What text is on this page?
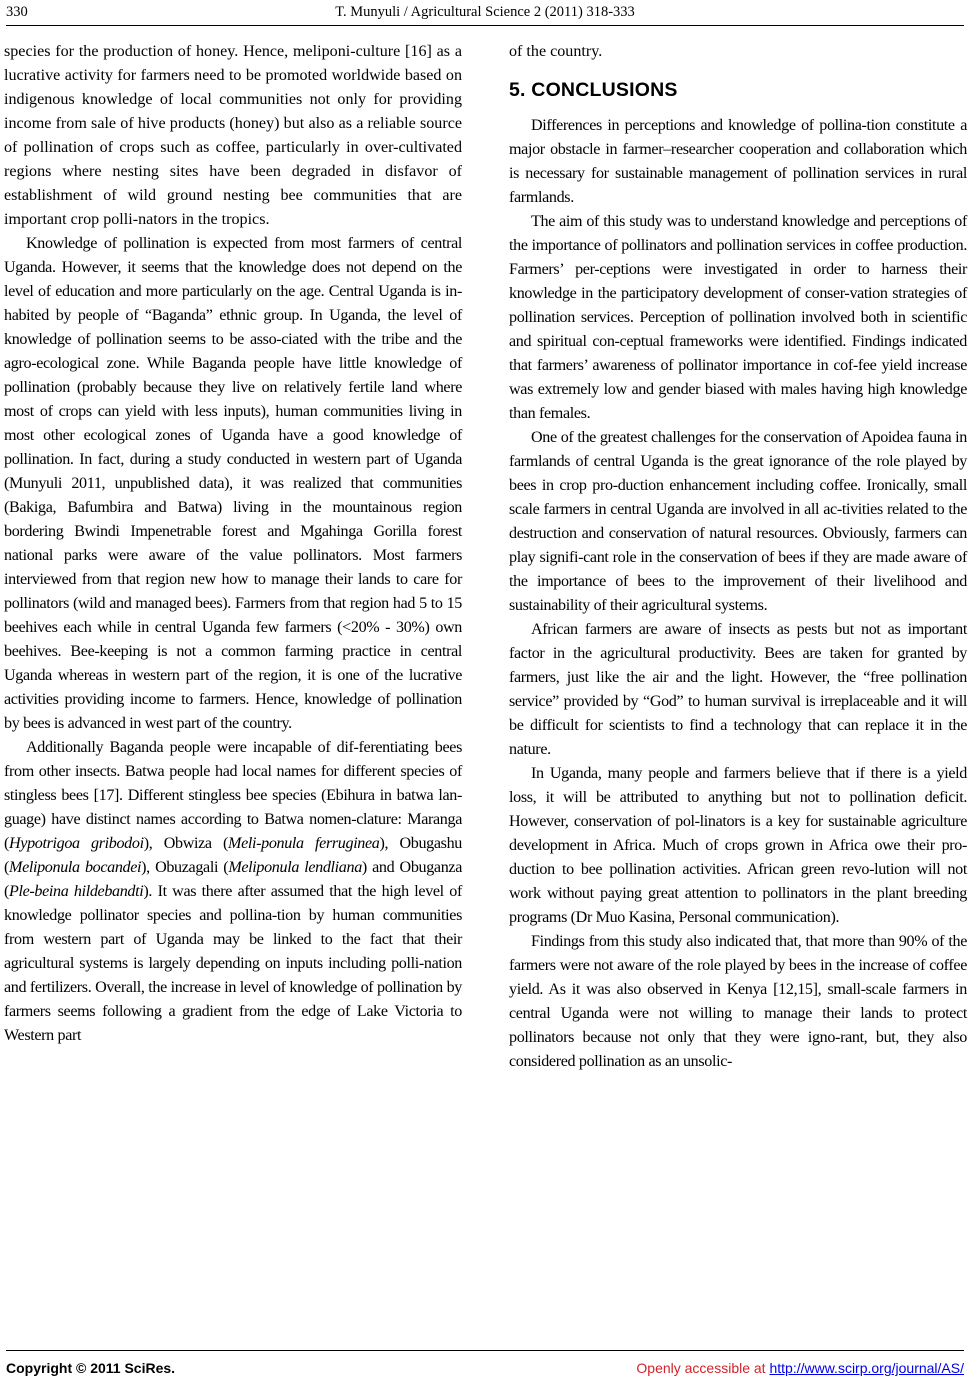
330	T. Munyuli / Agricultural Science 2 (2011) 318-333

species for the production of honey. Hence, meliponi-culture [16] as a lucrative activity for farmers need to be promoted worldwide based on indigenous knowledge of local communities not only for providing income from sale of hive products (honey) but also as a reliable source of pollination of crops such as coffee, particularly in over-cultivated regions where nesting sites have been degraded in disfavor of establishment of wild ground nesting bee communities that are important crop polli-nators in the tropics.

Knowledge of pollination is expected from most farmers of central Uganda. However, it seems that the knowledge does not depend on the level of education and more particularly on the age. Central Uganda is in-habited by people of “Baganda” ethnic group. In Uganda, the level of knowledge of pollination seems to be asso-ciated with the tribe and the agro-ecological zone. While Baganda people have little knowledge of pollination (probably because they live on relatively fertile land where most of crops can yield with less inputs), human communities living in most other ecological zones of Uganda have a good knowledge of pollination. In fact, during a study conducted in western part of Uganda (Munyuli 2011, unpublished data), it was realized that communities (Bakiga, Bafumbira and Batwa) living in the mountainous region bordering Bwindi Impenetrable forest and Mgahinga Gorilla forest national parks were aware of the value pollinators. Most farmers interviewed from that region new how to manage their lands to care for pollinators (wild and managed bees). Farmers from that region had 5 to 15 beehives each while in central Uganda few farmers (<20% - 30%) own beehives. Bee-keeping is not a common farming practice in central Uganda whereas in western part of the region, it is one of the lucrative activities providing income to farmers. Hence, knowledge of pollination by bees is advanced in west part of the country.

Additionally Baganda people were incapable of dif-ferentiating bees from other insects. Batwa people had local names for different species of stingless bees [17]. Different stingless bee species (Ebihura in batwa lan-guage) have distinct names according to Batwa nomen-clature: Maranga (Hypotrigoa gribodoi), Obwiza (Meli-ponula ferruginea), Obugashu (Meliponula bocandei), Obuzagali (Meliponula lendliana) and Obuganza (Ple-beina hildebandti). It was there after assumed that the high level of knowledge pollinator species and pollina-tion by human communities from western part of Uganda may be linked to the fact that their agricultural systems is largely depending on inputs including polli-nation and fertilizers. Overall, the increase in level of knowledge of pollination by farmers seems following a gradient from the edge of Lake Victoria to Western part

of the country.

5. CONCLUSIONS

Differences in perceptions and knowledge of pollina-tion constitute a major obstacle in farmer–researcher cooperation and collaboration which is necessary for sustainable management of pollination services in rural farmlands.

The aim of this study was to understand knowledge and perceptions of the importance of pollinators and pollination services in coffee production. Farmers’ per-ceptions were investigated in order to harness their knowledge in the participatory development of conser-vation strategies of pollination services. Perception of pollination involved both in scientific and spiritual con-ceptual frameworks were identified. Findings indicated that farmers’ awareness of pollinator importance in cof-fee yield increase was extremely low and gender biased with males having high knowledge than females.

One of the greatest challenges for the conservation of Apoidea fauna in farmlands of central Uganda is the great ignorance of the role played by bees in crop pro-duction enhancement including coffee. Ironically, small scale farmers in central Uganda are involved in all ac-tivities related to the destruction and conservation of natural resources. Obviously, farmers can play signifi-cant role in the conservation of bees if they are made aware of the importance of bees to the improvement of their livelihood and sustainability of their agricultural systems.

African farmers are aware of insects as pests but not as important factor in the agricultural productivity. Bees are taken for granted by farmers, just like the air and the light. However, the “free pollination service” provided by “God” to human survival is irreplaceable and it will be difficult for scientists to find a technology that can replace it in the nature.

In Uganda, many people and farmers believe that if there is a yield loss, it will be attributed to anything but not to pollination deficit. However, conservation of pol-linators is a key for sustainable agriculture development in Africa. Much of crops grown in Africa owe their pro-duction to bee pollination activities. African green revo-lution will not work without paying great attention to pollinators in the plant breeding programs (Dr Muo Kasina, Personal communication).

Findings from this study also indicated that, that more than 90% of the farmers were not aware of the role played by bees in the increase of coffee yield. As it was also observed in Kenya [12,15], small-scale farmers in central Uganda were not willing to manage their lands to protect pollinators because not only that they were igno-rant, but, they also considered pollination as an unsolic-

Copyright © 2011 SciRes.	Openly accessible at http://www.scirp.org/journal/AS/
